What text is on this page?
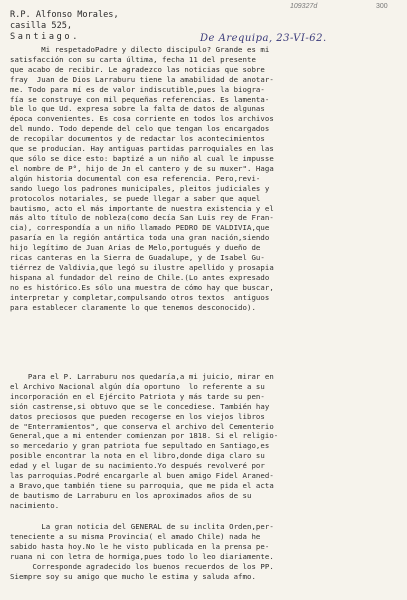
109327d	300
R.P. Alfonso Morales,
casilla 525,
Santiago.	De Arequipa, 23-VI-62.
Mi respetadoPadre y dilecto discipulo? Grande es mi
satisfacción con su carta última, fecha 11 del presente
que acabo de recibir. Le agradezco las noticias que sobre
fray  Juan de Dios Larraburu tiene la amabilidad de anotar-
me. Todo para mí es de valor indiscutible,pues la biogra-
fía se construye con mil pequeñas referencias. Es lamenta-
ble lo que Ud. expresa sobre la falta de datos de algunas
época convenientes. Es cosa corriente en todos los archivos
del mundo. Todo depende del celo que tengan los encargados
de recopilar documentos y de redactar los acontecimientos
que se producían. Hay antiguas partidas parroquiales en las
que sólo se dice esto: baptizé a un niño al cual le impusse
el nombre de P°, hijo de Jn el cantero y de su muxer". Haga
algún historia documental con esa referencia. Pero,revi-
sando luego los padrones municipales, pleitos judiciales y
protocolos notariales, se puede llegar a saber que aquel
bautismo, acto el más importante de nuestra existencia y el
más alto título de nobleza(como decía San Luis rey de Fran-
cia), correspondía a un niño llamado PEDRO DE VALDIVIA,que
pasaría en la región antártica toda una gran nación,siendo
hijo legítimo de Juan Arias de Melo,portugués y dueño de
ricas canteras en la Sierra de Guadalupe, y de Isabel Gu-
tiérrez de Valdivia,que legó su ilustre apellido y prosapia
hispana al fundador del reino de Chile.(Lo antes expresado
no es histórico.Es sólo una muestra de cómo hay que buscar,
interpretar y completar,compulsando otros textos  antiguos
para establecer claramente lo que tenemos desconocido).
Para el P. Larraburu nos quedaría,a mi juicio, mirar en
el Archivo Nacional algún día oportuno  lo referente a su
incorporación en el Ejército Patriota y más tarde su pen-
sión castrense,si obtuvo que se le concediese. También hay
datos preciosos que pueden recogerse en los viejos libros
de "Enterramientos", que conserva el archivo del Cementerio
General,que a mi entender comienzan por 1818. Si el religio-
so mercedario y gran patriota fue sepultado en Santiago,es
posible encontrar la nota en el libro,donde diga claro su
edad y el lugar de su nacimiento.Yo después revolveré por
las parroquias.Podré encargarle al buen amigo Fidel Araned-
a Bravo,que también tiene su parroquia, que me pida el acta
de bautismo de Larraburu en los aproximados años de su
nacimiento.
La gran noticia del GENERAL de su inclita Orden,per-
teneciente a su misma Provincia( el amado Chile) nada he
sabido hasta hoy.No le he visto publicada en la prensa pe-
ruana ni con letra de hormiga,pues todo lo leo diariamente.
Corresponde agradecido los buenos recuerdos de los PP.
Siempre soy su amigo que mucho le estima y saluda afmo.
